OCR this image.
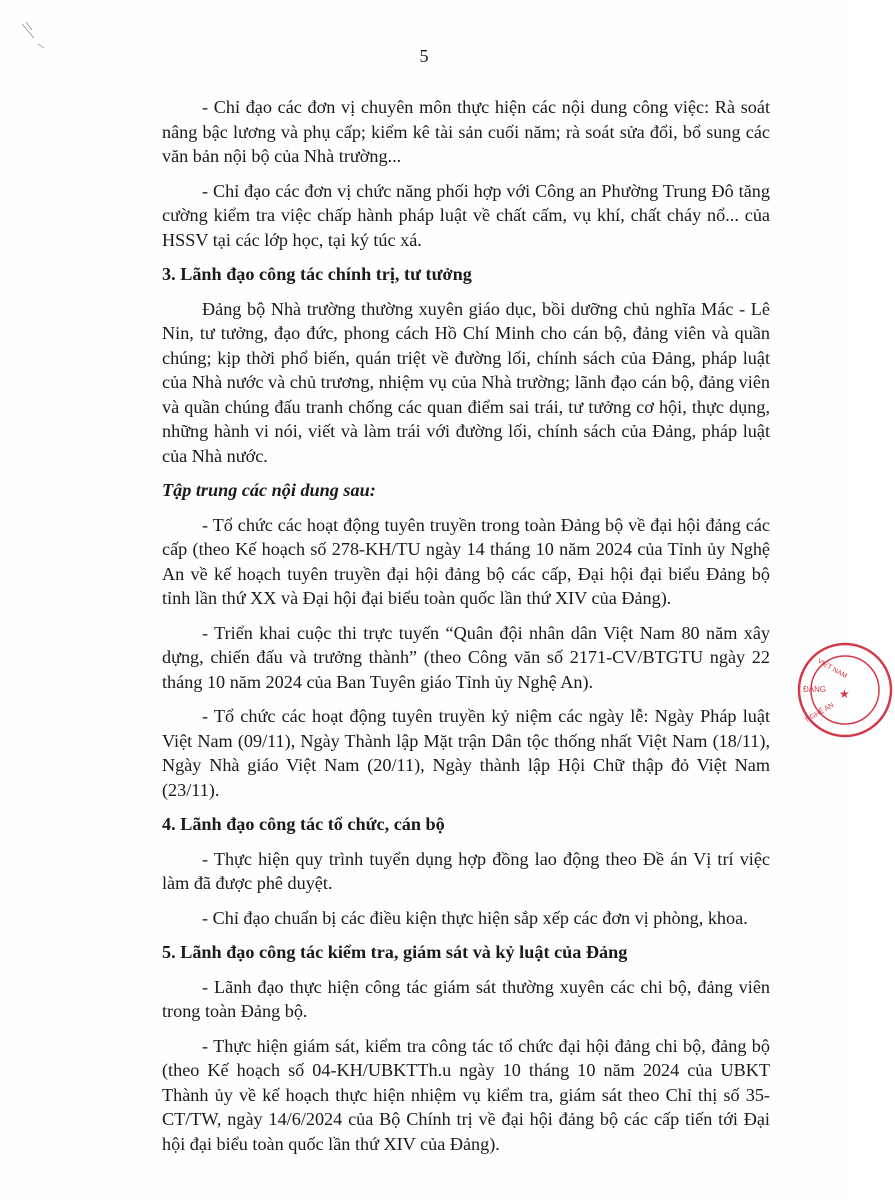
5

- Chỉ đạo các đơn vị chuyên môn thực hiện các nội dung công việc: Rà soát nâng bậc lương và phụ cấp; kiểm kê tài sản cuối năm; rà soát sửa đổi, bổ sung các văn bản nội bộ của Nhà trường...

- Chỉ đạo các đơn vị chức năng phối hợp với Công an Phường Trung Đô tăng cường kiểm tra việc chấp hành pháp luật về chất cấm, vụ khí, chất cháy nổ... của HSSV tại các lớp học, tại ký túc xá.

3. Lãnh đạo công tác chính trị, tư tưởng

Đảng bộ Nhà trường thường xuyên giáo dục, bồi dưỡng chủ nghĩa Mác - Lê Nin, tư tưởng, đạo đức, phong cách Hồ Chí Minh cho cán bộ, đảng viên và quần chúng; kịp thời phổ biến, quán triệt về đường lối, chính sách của Đảng, pháp luật của Nhà nước và chủ trương, nhiệm vụ của Nhà trường; lãnh đạo cán bộ, đảng viên và quần chúng đấu tranh chống các quan điểm sai trái, tư tưởng cơ hội, thực dụng, những hành vi nói, viết và làm trái với đường lối, chính sách của Đảng, pháp luật của Nhà nước.

Tập trung các nội dung sau:

- Tổ chức các hoạt động tuyên truyền trong toàn Đảng bộ về đại hội đảng các cấp (theo Kế hoạch số 278-KH/TU ngày 14 tháng 10 năm 2024 của Tỉnh ủy Nghệ An về kế hoạch tuyên truyền đại hội đảng bộ các cấp, Đại hội đại biểu Đảng bộ tỉnh lần thứ XX và Đại hội đại biểu toàn quốc lần thứ XIV của Đảng).

- Triển khai cuộc thi trực tuyến “Quân đội nhân dân Việt Nam 80 năm xây dựng, chiến đấu và trưởng thành” (theo Công văn số 2171-CV/BTGTU ngày 22 tháng 10 năm 2024 của Ban Tuyên giáo Tỉnh ủy Nghệ An).

- Tổ chức các hoạt động tuyên truyền kỷ niệm các ngày lễ: Ngày Pháp luật Việt Nam (09/11), Ngày Thành lập Mặt trận Dân tộc thống nhất Việt Nam (18/11), Ngày Nhà giáo Việt Nam (20/11), Ngày thành lập Hội Chữ thập đỏ Việt Nam (23/11).

4. Lãnh đạo công tác tổ chức, cán bộ

- Thực hiện quy trình tuyển dụng hợp đồng lao động theo Đề án Vị trí việc làm đã được phê duyệt.

- Chỉ đạo chuẩn bị các điều kiện thực hiện sắp xếp các đơn vị phòng, khoa.

5. Lãnh đạo công tác kiểm tra, giám sát và kỷ luật của Đảng

- Lãnh đạo thực hiện công tác giám sát thường xuyên các chi bộ, đảng viên trong toàn Đảng bộ.

- Thực hiện giám sát, kiểm tra công tác tổ chức đại hội đảng chi bộ, đảng bộ (theo Kế hoạch số 04-KH/UBKTTh.u ngày 10 tháng 10 năm 2024 của UBKT Thành ủy về kế hoạch thực hiện nhiệm vụ kiểm tra, giám sát theo Chỉ thị số 35-CT/TW, ngày 14/6/2024 của Bộ Chính trị về đại hội đảng bộ các cấp tiến tới Đại hội đại biểu toàn quốc lần thứ XIV của Đảng).

VIỆT NAM
ĐẢNG
NGHỆ AN
★
